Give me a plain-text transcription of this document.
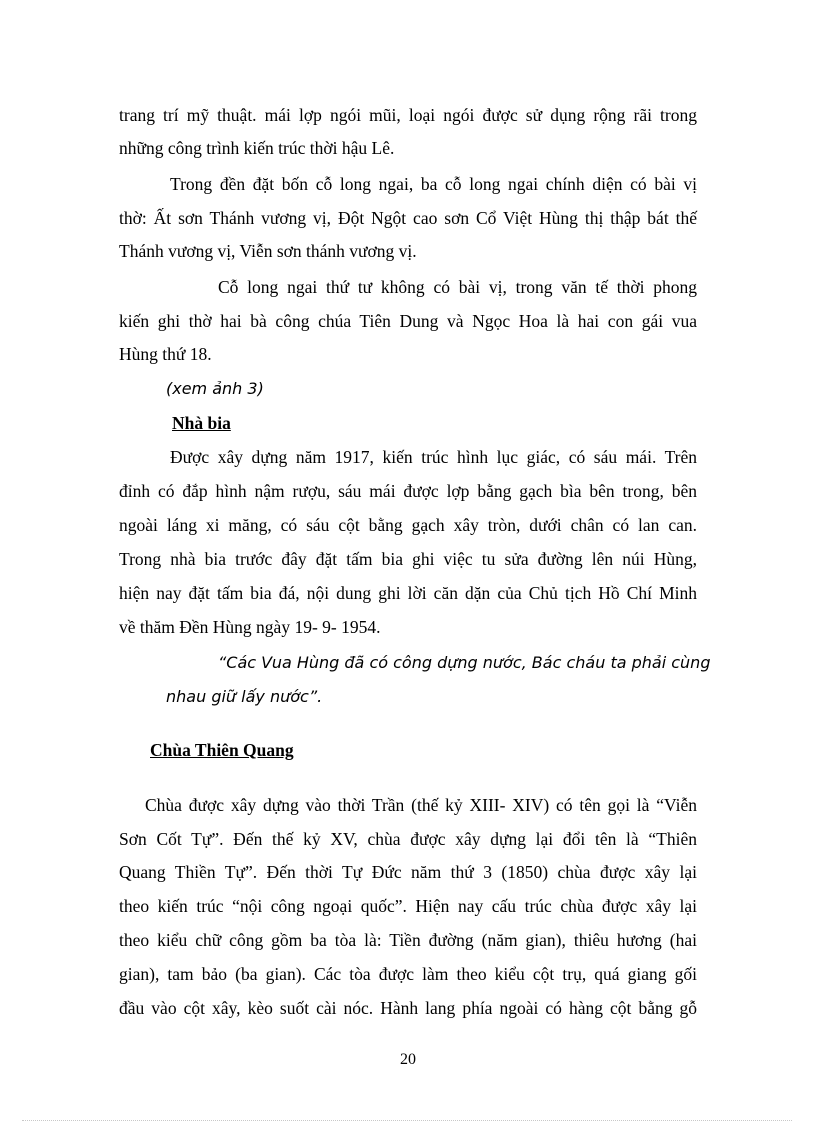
trang trí mỹ thuật. mái lợp ngói mũi, loại ngói được sử dụng rộng rãi trong
những công trình kiến trúc thời hậu Lê.
Trong đền đặt bốn cỗ long ngai, ba cỗ long ngai chính diện có bài vị
thờ: Ất sơn Thánh vương vị, Đột Ngột cao sơn Cổ Việt Hùng thị thập bát thế
Thánh vương vị, Viễn sơn thánh vương vị.
Cỗ long ngai thứ tư không có bài vị, trong văn tế thời phong
kiến ghi thờ hai bà công chúa Tiên Dung và Ngọc Hoa là hai con gái vua
Hùng thứ 18.
(xem ảnh 3)
Nhà bia
Được xây dựng năm 1917, kiến trúc hình lục giác, có sáu mái. Trên
đỉnh có đắp hình nậm rượu, sáu mái được lợp bằng gạch bìa bên trong, bên
ngoài láng xi măng, có sáu cột bằng gạch xây tròn, dưới chân có lan can.
Trong nhà bia trước đây đặt tấm bia ghi việc tu sửa đường lên núi Hùng,
hiện nay đặt tấm bia đá, nội dung ghi lời căn dặn của Chủ tịch Hồ Chí Minh
về thăm Đền Hùng ngày 19- 9- 1954.
“Các Vua Hùng đã có công dựng nước, Bác cháu ta phải cùng
nhau giữ lấy nước”.
Chùa Thiên Quang
Chùa được xây dựng vào thời Trần (thế kỷ XIII- XIV) có tên gọi là “Viễn
Sơn Cốt Tự”. Đến thế kỷ XV, chùa được xây dựng lại đổi tên là “Thiên
Quang Thiền Tự”. Đến thời Tự Đức năm thứ 3 (1850) chùa được xây lại
theo kiến trúc “nội công ngoại quốc”. Hiện nay cấu trúc chùa được xây lại
theo kiểu chữ công gồm ba tòa là: Tiền đường (năm gian), thiêu hương (hai
gian), tam bảo (ba gian). Các tòa được làm theo kiểu cột trụ, quá giang gối
đầu vào cột xây, kèo suốt cài nóc. Hành lang phía ngoài có hàng cột bằng gỗ
20
